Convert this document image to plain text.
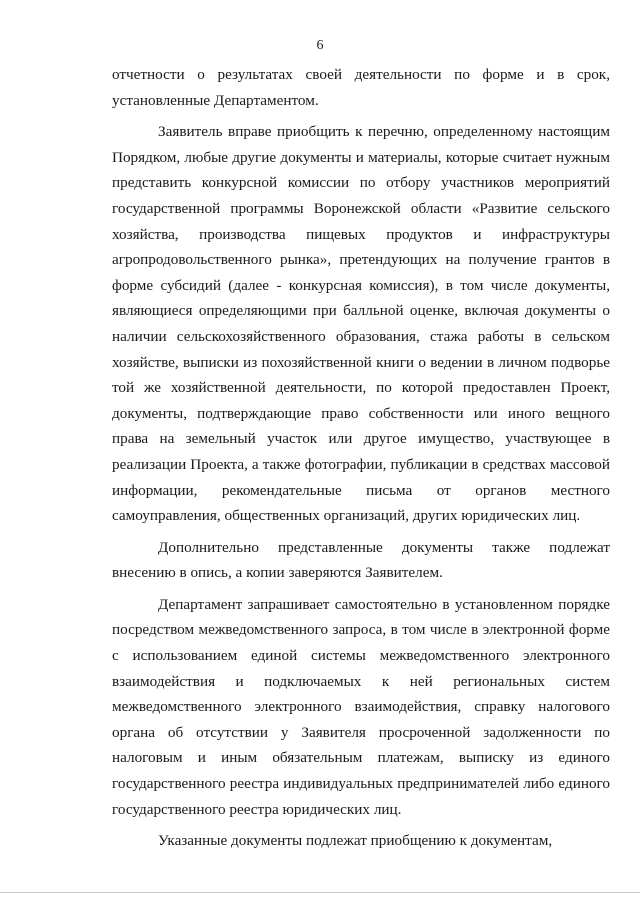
6

отчетности о результатах своей деятельности по форме и в срок, установленные Департаментом.

Заявитель вправе приобщить к перечню, определенному настоящим Порядком, любые другие документы и материалы, которые считает нужным представить конкурсной комиссии по отбору участников мероприятий государственной программы Воронежской области «Развитие сельского хозяйства, производства пищевых продуктов и инфраструктуры агропродовольственного рынка», претендующих на получение грантов в форме субсидий (далее - конкурсная комиссия), в том числе документы, являющиеся определяющими при балльной оценке, включая документы о наличии сельскохозяйственного образования, стажа работы в сельском хозяйстве, выписки из похозяйственной книги о ведении в личном подворье той же хозяйственной деятельности, по которой предоставлен Проект, документы, подтверждающие право собственности или иного вещного права на земельный участок или другое имущество, участвующее в реализации Проекта, а также фотографии, публикации в средствах массовой информации, рекомендательные письма от органов местного самоуправления, общественных организаций, других юридических лиц.

Дополнительно представленные документы также подлежат внесению в опись, а копии заверяются Заявителем.

Департамент запрашивает самостоятельно в установленном порядке посредством межведомственного запроса, в том числе в электронной форме с использованием единой системы межведомственного электронного взаимодействия и подключаемых к ней региональных систем межведомственного электронного взаимодействия, справку налогового органа об отсутствии у Заявителя просроченной задолженности по налоговым и иным обязательным платежам, выписку из единого государственного реестра индивидуальных предпринимателей либо единого государственного реестра юридических лиц.

Указанные документы подлежат приобщению к документам,
